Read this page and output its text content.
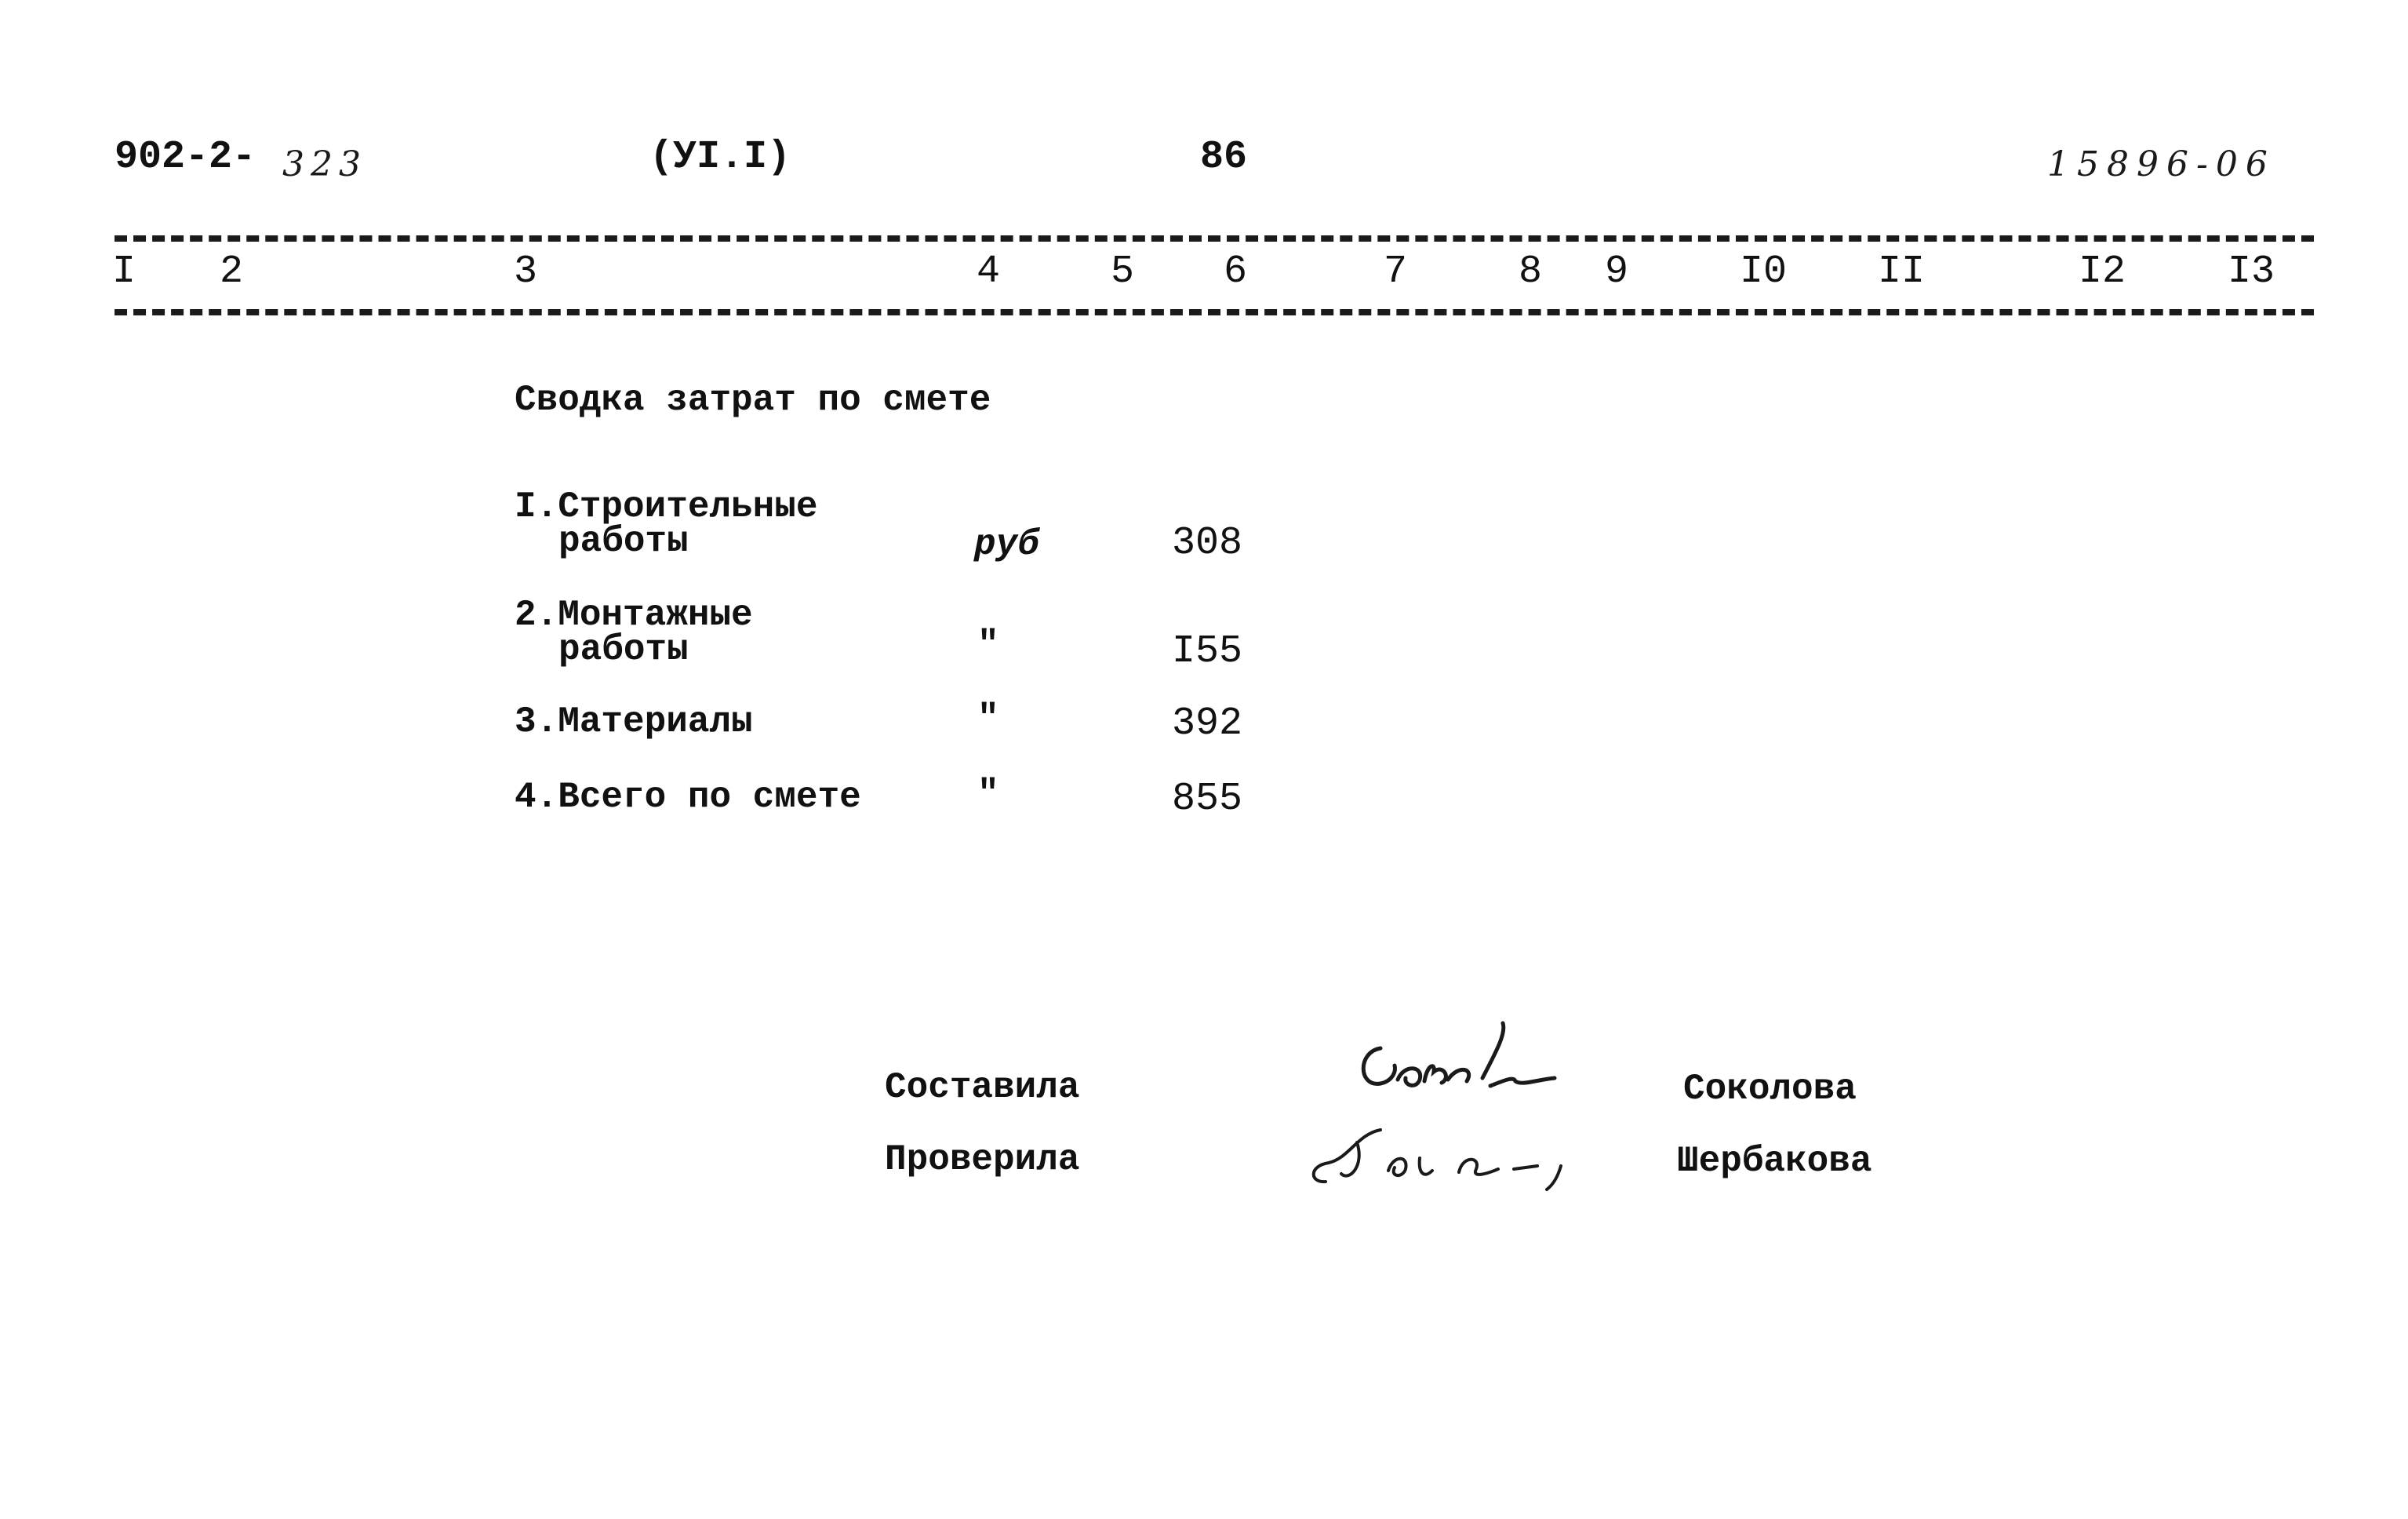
902-2- 323	(УI.I)	86	15896-06
I 2	3	4	5 6	7	8 9	I0 II	I2	I3
Сводка затрат по смете
I.Строительные
работы	руб	308
2.Монтажные
работы	"	I55
3.Материалы	"	392
4.Всего по смете	"	855
Составила	Соколова
Проверила	Шербакова
